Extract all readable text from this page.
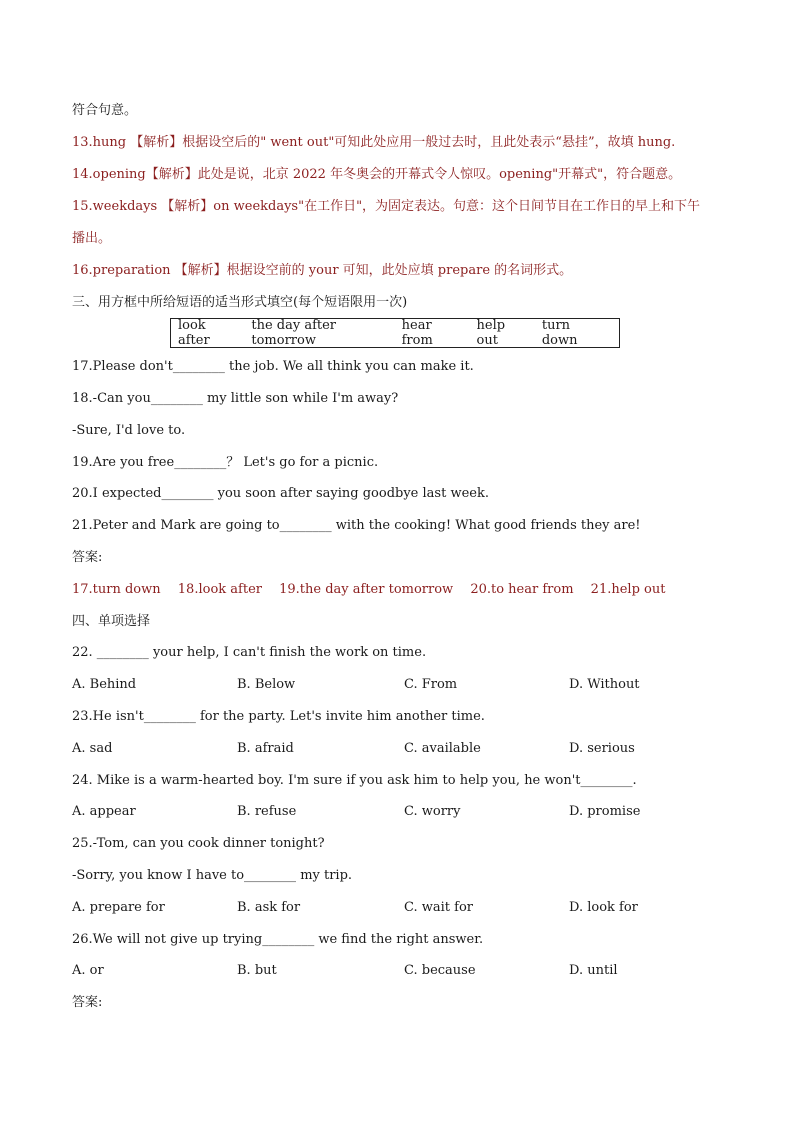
符合句意。
13.hung 【解析】根据设空后的" went out"可知此处应用一般过去时，且此处表示“悬挂”，故填 hung.
14.opening【解析】此处是说，北京 2022 年冬奥会的开幕式令人惊叹。opening"开幕式"，符合题意。
15.weekdays 【解析】on weekdays"在工作日"，为固定表达。句意：这个日间节目在工作日的早上和下午
播出。
16.preparation 【解析】根据设空前的 your 可知，此处应填 prepare 的名词形式。
三、用方框中所给短语的适当形式填空(每个短语限用一次)
look after
the day after tomorrow
hear from
help out
turn down
17.Please don't________ the job. We all think you can make it.
18.-Can you________ my little son while I'm away?
-Sure, I'd love to.
19.Are you free________？ Let's go for a picnic.
20.I expected________ you soon after saying goodbye last week.
21.Peter and Mark are going to________ with the cooking! What good friends they are!
答案:
17.turn down 18.look after 19.the day after tomorrow 20.to hear from 21.help out
四、单项选择
22. ________ your help, I can't finish the work on time.
A. Behind	B. Below	C. From	D. Without
23.He isn't________ for the party. Let's invite him another time.
A. sad	B. afraid	C. available	D. serious
24. Mike is a warm-hearted boy. I'm sure if you ask him to help you, he won't________.
A. appear	B. refuse	C. worry	D. promise
25.-Tom, can you cook dinner tonight?
-Sorry, you know I have to________ my trip.
A. prepare for	B. ask for	C. wait for	D. look for
26.We will not give up trying________ we find the right answer.
A. or	B. but	C. because	D. until
答案:
